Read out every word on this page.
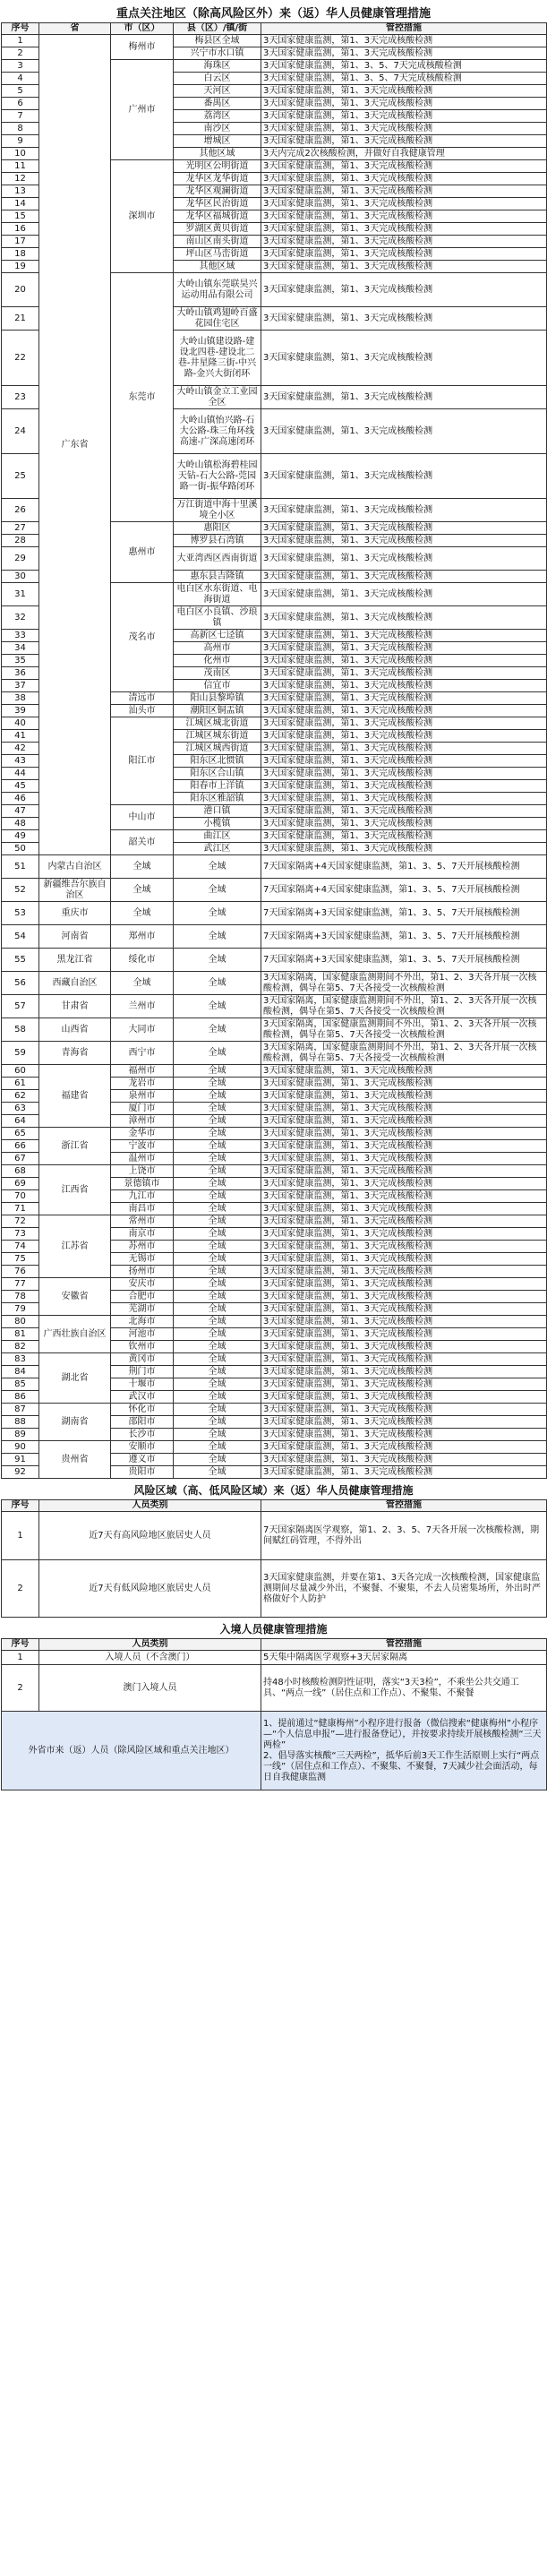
重点关注地区（除高风险区外）来（返）华人员健康管理措施
序号	省	市（区）	县（区）/镇/街	管控措施
1	广东省	梅州市	梅县区全域	3天国家健康监测，第1、3天完成核酸检测
2			兴宁市水口镇	3天国家健康监测，第1、3天完成核酸检测
3		广州市	海珠区	3天国家健康监测，第1、3、5、7天完成核酸检测
4			白云区	3天国家健康监测，第1、3、5、7天完成核酸检测
5			天河区	3天国家健康监测，第1、3天完成核酸检测
6			番禺区	3天国家健康监测，第1、3天完成核酸检测
7			荔湾区	3天国家健康监测，第1、3天完成核酸检测
8			南沙区	3天国家健康监测，第1、3天完成核酸检测
9			增城区	3天国家健康监测，第1、3天完成核酸检测
10			其他区域	3天内完成2次核酸检测，并做好自我健康管理
11		深圳市	光明区公明街道	3天国家健康监测，第1、3天完成核酸检测
12			龙华区龙华街道	3天国家健康监测，第1、3天完成核酸检测
13			龙华区观澜街道	3天国家健康监测，第1、3天完成核酸检测
14			龙华区民治街道	3天国家健康监测，第1、3天完成核酸检测
15			龙华区福城街道	3天国家健康监测，第1、3天完成核酸检测
16			罗湖区黄贝街道	3天国家健康监测，第1、3天完成核酸检测
17			南山区南头街道	3天国家健康监测，第1、3天完成核酸检测
18			坪山区马峦街道	3天国家健康监测，第1、3天完成核酸检测
19			其他区域	3天国家健康监测，第1、3天完成核酸检测
20		东莞市	大岭山镇东莞联昊兴运动用品有限公司	3天国家健康监测，第1、3天完成核酸检测
21			大岭山镇鸡翅岭百盛花园住宅区	3天国家健康监测，第1、3天完成核酸检测
22			大岭山镇建设路-建设北四巷-建设北二巷-井星隆三街-中兴路-金兴大街闭环	3天国家健康监测，第1、3天完成核酸检测
23			大岭山镇金立工业园全区	3天国家健康监测，第1、3天完成核酸检测
24			大岭山镇怡兴路-石大公路-珠三角环线高速-广深高速闭环	3天国家健康监测，第1、3天完成核酸检测
25			大岭山镇松海碧桂园天钻-石大公路-莞园路一街-振华路闭环	3天国家健康监测，第1、3天完成核酸检测
26			万江街道中海十里溪境全小区	3天国家健康监测，第1、3天完成核酸检测
27		惠州市	惠阳区	3天国家健康监测，第1、3天完成核酸检测
28			博罗县石湾镇	3天国家健康监测，第1、3天完成核酸检测
29			大亚湾西区西南街道	3天国家健康监测，第1、3天完成核酸检测
30			惠东县吉隆镇	3天国家健康监测，第1、3天完成核酸检测
31		茂名市	电白区水东街道、电海街道	3天国家健康监测，第1、3天完成核酸检测
32			电白区小良镇、沙琅镇	3天国家健康监测，第1、3天完成核酸检测
33			高新区七迳镇	3天国家健康监测，第1、3天完成核酸检测
34			高州市	3天国家健康监测，第1、3天完成核酸检测
35			化州市	3天国家健康监测，第1、3天完成核酸检测
36			茂南区	3天国家健康监测，第1、3天完成核酸检测
37			信宜市	3天国家健康监测，第1、3天完成核酸检测
38		清远市	阳山县黎埠镇	3天国家健康监测，第1、3天完成核酸检测
39		汕头市	潮阳区铜盂镇	3天国家健康监测，第1、3天完成核酸检测
40		阳江市	江城区城北街道	3天国家健康监测，第1、3天完成核酸检测
41			江城区城东街道	3天国家健康监测，第1、3天完成核酸检测
42			江城区城西街道	3天国家健康监测，第1、3天完成核酸检测
43			阳东区北惯镇	3天国家健康监测，第1、3天完成核酸检测
44			阳东区合山镇	3天国家健康监测，第1、3天完成核酸检测
45			阳春市上洋镇	3天国家健康监测，第1、3天完成核酸检测
46			阳东区雅韶镇	3天国家健康监测，第1、3天完成核酸检测
47		中山市	港口镇	3天国家健康监测，第1、3天完成核酸检测
48			小榄镇	3天国家健康监测，第1、3天完成核酸检测
49		韶关市	曲江区	3天国家健康监测，第1、3天完成核酸检测
50			武江区	3天国家健康监测，第1、3天完成核酸检测
51	内蒙古自治区	全域	全域	7天国家隔离+4天国家健康监测，第1、3、5、7天开展核酸检测
52	新疆维吾尔族自治区	全域	全域	7天国家隔离+4天国家健康监测，第1、3、5、7天开展核酸检测
53	重庆市	全域	全域	7天国家隔离+3天国家健康监测，第1、3、5、7天开展核酸检测
54	河南省	郑州市	全域	7天国家隔离+3天国家健康监测，第1、3、5、7天开展核酸检测
55	黑龙江省	绥化市	全域	7天国家隔离+3天国家健康监测，第1、3、5、7天开展核酸检测
56	西藏自治区	全域	全域	3天国家隔离，国家健康监测期间不外出，第1、2、3天各开展一次核酸检测，偶导在第5、7天各接受一次核酸检测
57	甘肃省	兰州市	全域	3天国家隔离，国家健康监测期间不外出，第1、2、3天各开展一次核酸检测，偶导在第5、7天各接受一次核酸检测
58	山西省	大同市	全域	3天国家隔离，国家健康监测期间不外出，第1、2、3天各开展一次核酸检测，偶导在第5、7天各接受一次核酸检测
59	青海省	西宁市	全域	3天国家隔离，国家健康监测期间不外出，第1、2、3天各开展一次核酸检测，偶导在第5、7天各接受一次核酸检测
60	福建省	福州市	全域	3天国家健康监测，第1、3天完成核酸检测
61		龙岩市	全域	3天国家健康监测，第1、3天完成核酸检测
62		泉州市	全域	3天国家健康监测，第1、3天完成核酸检测
63		厦门市	全域	3天国家健康监测，第1、3天完成核酸检测
64		漳州市	全域	3天国家健康监测，第1、3天完成核酸检测
65	浙江省	金华市	全域	3天国家健康监测，第1、3天完成核酸检测
66		宁波市	全域	3天国家健康监测，第1、3天完成核酸检测
67		温州市	全域	3天国家健康监测，第1、3天完成核酸检测
68	江西省	上饶市	全域	3天国家健康监测，第1、3天完成核酸检测
69		景德镇市	全域	3天国家健康监测，第1、3天完成核酸检测
70		九江市	全域	3天国家健康监测，第1、3天完成核酸检测
71		南昌市	全域	3天国家健康监测，第1、3天完成核酸检测
72	江苏省	常州市	全域	3天国家健康监测，第1、3天完成核酸检测
73		南京市	全域	3天国家健康监测，第1、3天完成核酸检测
74		苏州市	全域	3天国家健康监测，第1、3天完成核酸检测
75		无锡市	全域	3天国家健康监测，第1、3天完成核酸检测
76		扬州市	全域	3天国家健康监测，第1、3天完成核酸检测
77	安徽省	安庆市	全域	3天国家健康监测，第1、3天完成核酸检测
78		合肥市	全域	3天国家健康监测，第1、3天完成核酸检测
79		芜湖市	全域	3天国家健康监测，第1、3天完成核酸检测
80	广西壮族自治区	北海市	全域	3天国家健康监测，第1、3天完成核酸检测
81		河池市	全域	3天国家健康监测，第1、3天完成核酸检测
82		钦州市	全域	3天国家健康监测，第1、3天完成核酸检测
83	湖北省	黄冈市	全域	3天国家健康监测，第1、3天完成核酸检测
84		荆门市	全域	3天国家健康监测，第1、3天完成核酸检测
85		十堰市	全域	3天国家健康监测，第1、3天完成核酸检测
86		武汉市	全域	3天国家健康监测，第1、3天完成核酸检测
87	湖南省	怀化市	全域	3天国家健康监测，第1、3天完成核酸检测
88		邵阳市	全域	3天国家健康监测，第1、3天完成核酸检测
89		长沙市	全域	3天国家健康监测，第1、3天完成核酸检测
90	贵州省	安顺市	全域	3天国家健康监测，第1、3天完成核酸检测
91		遵义市	全域	3天国家健康监测，第1、3天完成核酸检测
92		贵阳市	全域	3天国家健康监测，第1、3天完成核酸检测
风险区域（高、低风险区域）来（返）华人员健康管理措施
序号	人员类别	管控措施
1	近7天有高风险地区旅居史人员	7天国家隔离医学观察，第1、2、3、5、7天各开展一次核酸检测，期间赋红码管理，不得外出
2	近7天有低风险地区旅居史人员	3天国家健康监测，并要在第1、3天各完成一次核酸检测，国家健康监测期间尽量减少外出，不聚餐、不聚集，不去人员密集场所，外出时严格做好个人防护
入境人员健康管理措施
序号	人员类别	管控措施
1	入境人员（不含澳门）	5天集中隔离医学观察+3天居家隔离
2	澳门入境人员	持48小时核酸检测阴性证明，落实“3天3检”，不乘坐公共交通工具、“两点一线”（居住点和工作点）、不聚集、不聚餐
外省市来（返）人员（除风险区域和重点关注地区）		1、提前通过“健康梅州”小程序进行报备（微信搜索“健康梅州”小程序—“个人信息申报”—进行报备登记），并按要求持续开展核酸检测“三天两检”
2、倡导落实核酸“三天两检”，抵华后前3天工作生活原则上实行“两点一线”（居住点和工作点）、不聚集、不聚餐，7天减少社会面活动，每日自我健康监测
